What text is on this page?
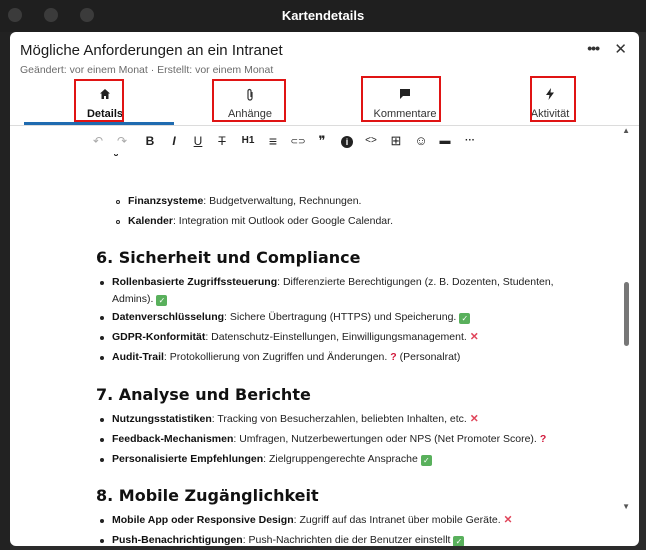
Kartendetails
Mögliche Anforderungen an ein Intranet
Geändert: vor einem Monat · Erstellt: vor einem Monat
••• ✕
Details	Anhänge	Kommentare	Aktivität
↶	↷	B	I	U	T	H1	≡	⊂⊃ ❞	i	<>	⊞ ☺	▬	···
▲
▼
Finanzsysteme: Budgetverwaltung, Rechnungen.
Kalender: Integration mit Outlook oder Google Calendar.
6. Sicherheit und Compliance
Rollenbasierte Zugriffssteuerung: Differenzierte Berechtigungen (z. B. Dozenten, Studenten,
Admins). ✓
Datenverschlüsselung: Sichere Übertragung (HTTPS) und Speicherung. ✓
GDPR-Konformität: Datenschutz-Einstellungen, Einwilligungsmanagement. ✕
Audit-Trail: Protokollierung von Zugriffen und Änderungen. ? (Personalrat)
7. Analyse und Berichte
Nutzungsstatistiken: Tracking von Besucherzahlen, beliebten Inhalten, etc. ✕
Feedback-Mechanismen: Umfragen, Nutzerbewertungen oder NPS (Net Promoter Score). ?
Personalisierte Empfehlungen: Zielgruppengerechte Ansprache ✓
8. Mobile Zugänglichkeit
Mobile App oder Responsive Design: Zugriff auf das Intranet über mobile Geräte. ✕
Push-Benachrichtigungen: Push-Nachrichten die der Benutzer einstellt ✓
